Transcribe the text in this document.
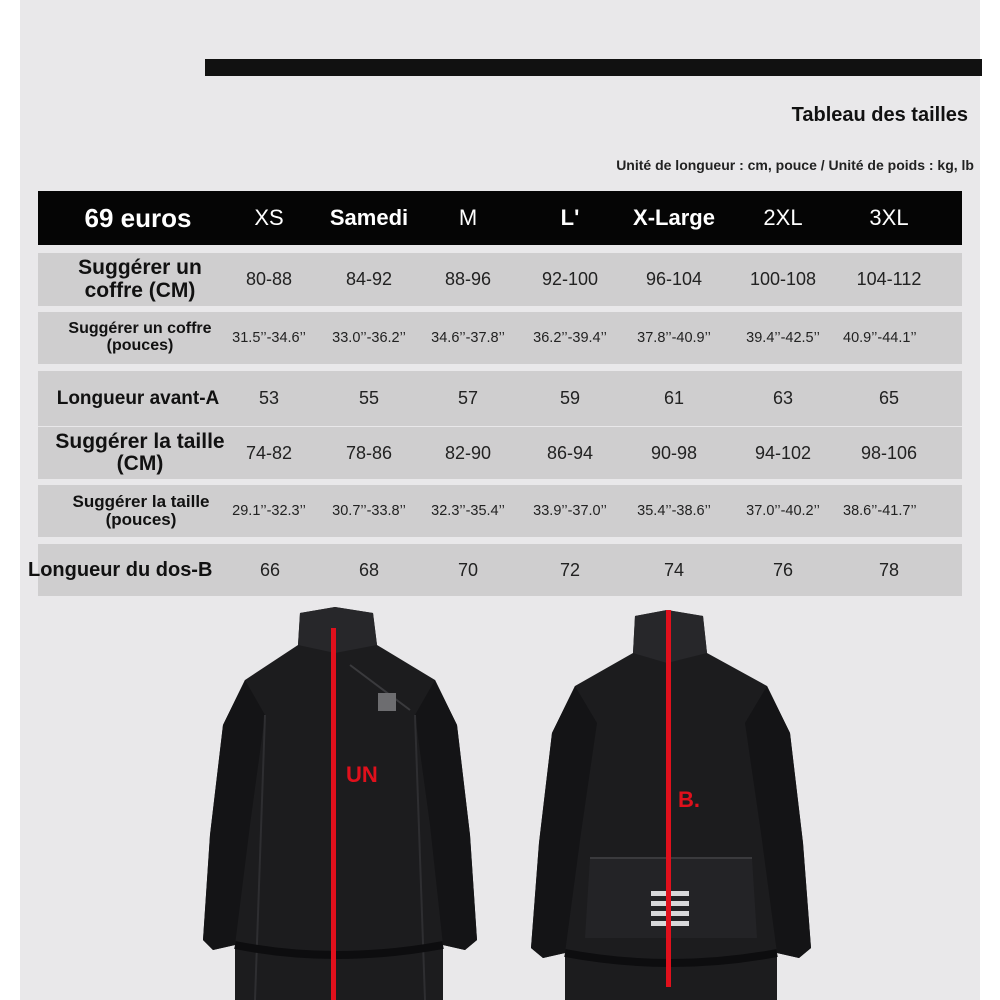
Tableau des tailles
Unité de longueur : cm, pouce / Unité de poids : kg, lb
69 euros	XS	Samedi	M	L'	X-Large	2XL	3XL
Suggérer un coffre (CM)	80-88	84-92	88-96	92-100	96-104	100-108	104-112
Suggérer un coffre (pouces)	31.5’’-34.6’’	33.0’’-36.2’’	34.6’’-37.8’’	36.2’’-39.4’’	37.8’’-40.9’’	39.4’’-42.5’’	40.9’’-44.1’’
Longueur avant-A	53	55	57	59	61	63	65
Suggérer la taille (CM)	74-82	78-86	82-90	86-94	90-98	94-102	98-106
Suggérer la taille (pouces)	29.1’’-32.3’’	30.7’’-33.8’’	32.3’’-35.4’’	33.9’’-37.0’’	35.4’’-38.6’’	37.0’’-40.2’’	38.6’’-41.7’’
Longueur du dos-B	66	68	70	72	74	76	78
UN
B.
